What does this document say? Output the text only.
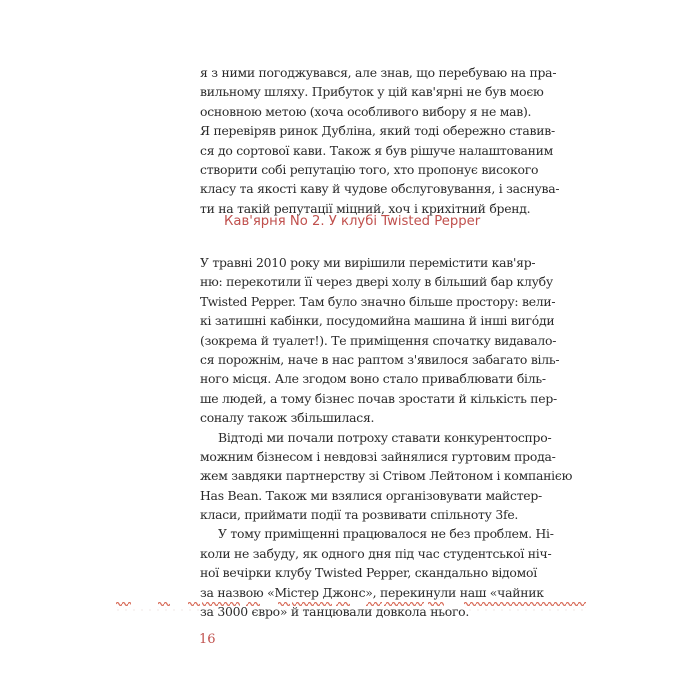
я з ними погоджувався, але знав, що перебуваю на пра-
вильному шляху. Прибуток у цій кав'ярні не був моєю
основною метою (хоча особливого вибору я не мав).
Я перевіряв ринок Дубліна, який тоді обережно ставив-
ся до сортової кави. Також я був рішуче налаштованим
створити собі репутацію того, хто пропонує високого
класу та якості каву й чудове обслуговування, і заснува-
ти на такій репутації міцний, хоч і крихітний бренд.
Кав'ярня No 2. У клубі Twisted Pepper
У травні 2010 року ми вирішили перемістити кав'яр-
ню: перекотили її через двері холу в більший бар клубу
Twisted Pepper. Там було значно більше простору: вели-
кі затишні кабінки, посудомийна машина й інші вигóди
(зокрема й туалет!). Те приміщення спочатку видавало-
ся порожнім, наче в нас раптом з'явилося забагато віль-
ного місця. Але згодом воно стало приваблювати біль-
ше людей, а тому бізнес почав зростати й кількість пер-
соналу також збільшилася.
Відтоді ми почали потроху ставати конкурентоспро-
можним бізнесом і невдовзі зайнялися гуртовим прода-
жем завдяки партнерству зі Стівом Лейтоном і компанією
Has Bean. Також ми взялися організовувати майстер-
класи, приймати події та розвивати спільноту 3fe.
У тому приміщенні працювалося не без проблем. Ні-
коли не забуду, як одного дня під час студентської ніч-
ної вечірки клубу Twisted Pepper, скандально відомої
за назвою «Містер Джонс», перекинули наш «чайник
16
